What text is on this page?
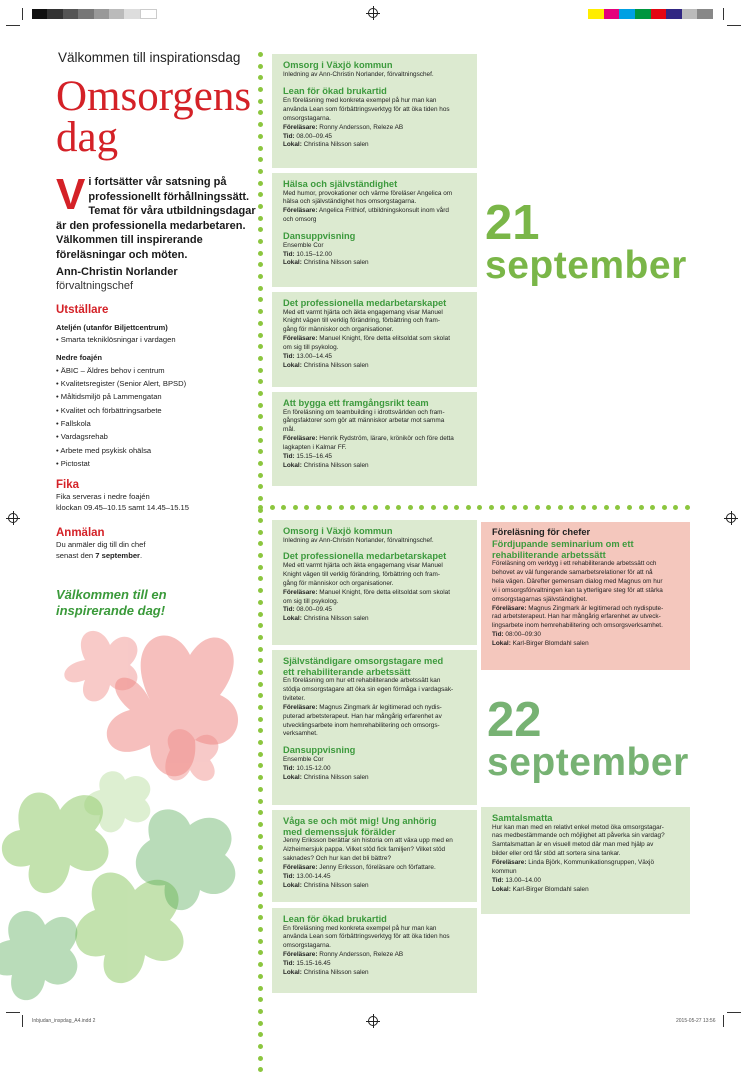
Välkommen till inspirationsdag
Omsorgens
dag
Vi fortsätter vår satsning på professionellt förhållningssätt. Temat för våra utbildningsdagar är den professionella medarbetaren. Välkommen till inspirerande föreläsningar och möten.
Ann-Christin Norlander
förvaltningschef
Utställare
Ateljén (utanför Biljettcentrum)
• Smarta tekniklösningar i vardagen
Nedre foajén
• ÄBIC – Äldres behov i centrum
• Kvalitetsregister (Senior Alert, BPSD)
• Måltidsmiljö på Lammengatan
• Kvalitet och förbättringsarbete
• Fallskola
• Vardagsrehab
• Arbete med psykisk ohälsa
• Pictostat
Fika
Fika serveras i nedre foajén
klockan 09.45–10.15 samt 14.45–15.15
Anmälan
Du anmäler dig till din chef
senast den 7 september.
Välkommen till en
inspirerande dag!
Omsorg i Växjö kommun

Inledning av Ann-Christin Norlander, förvaltningschef.

Lean för ökad brukartid

En föreläsning med konkreta exempel på hur man kan

använda Lean som förbättringsverktyg för att öka tiden hos

omsorgstagarna.

Föreläsare: Ronny Andersson, Releze AB

Tid: 08.00–09.45

Lokal: Christina Nilsson salen

Hälsa och självständighet

Med humor, provokationer och värme föreläser Angelica om

hälsa och självständighet hos omsorgstagarna.

Föreläsare: Angelica Frithiof, utbildningskonsult inom vård

och omsorg

Dansuppvisning

Ensemble Cor

Tid: 10.15–12.00

Lokal: Christina Nilsson salen

Det professionella medarbetarskapet

Med ett varmt hjärta och äkta engagemang visar Manuel

Knight vägen till verklig förändring, förbättring och fram-

gång för människor och organisationer.

Föreläsare: Manuel Knight, före detta elitsoldat som skolat

om sig till psykolog.

Tid: 13.00–14.45

Lokal: Christina Nilsson salen

Att bygga ett framgångsrikt team

En föreläsning om teambuilding i idrottsvärlden och fram-

gångsfaktorer som gör att människor arbetar mot samma

mål.

Föreläsare: Henrik Rydström, lärare, krönikör och före detta

lagkapten i Kalmar FF.

Tid: 15.15–16.45

Lokal: Christina Nilsson salen

21
september
Omsorg i Växjö kommun

Inledning av Ann-Christin Norlander, förvaltningschef.

Det professionella medarbetarskapet

Med ett varmt hjärta och äkta engagemang visar Manuel

Knight vägen till verklig förändring, förbättring och fram-

gång för människor och organisationer.

Föreläsare: Manuel Knight, före detta elitsoldat som skolat

om sig till psykolog.

Tid: 08.00–09.45

Lokal: Christina Nilsson salen

Självständigare omsorgstagare med
ett rehabiliterande arbetssätt

En föreläsning om hur ett rehabiliterande arbetssätt kan

stödja omsorgstagare att öka sin egen förmåga i vardagsak-

tiviteter.

Föreläsare: Magnus Zingmark är legitimerad och nydis-

puterad arbetsterapeut. Han har mångårig erfarenhet av

utvecklingsarbete inom hemrehabilitering och omsorgs-

verksamhet.

Dansuppvisning

Ensemble Cor

Tid: 10.15-12.00

Lokal: Christina Nilsson salen

Våga se och möt mig! Ung anhörig
med demenssjuk förälder

Jenny Eriksson berättar sin historia om att växa upp med en

Alzheimersjuk pappa. Vilket stöd fick familjen? Vilket stöd

saknades? Och hur kan det bli bättre?

Föreläsare: Jenny Eriksson, föreläsare och författare.

Tid: 13.00-14.45

Lokal: Christina Nilsson salen

Lean för ökad brukartid

En föreläsning med konkreta exempel på hur man kan

använda Lean som förbättringsverktyg för att öka tiden hos

omsorgstagarna.

Föreläsare: Ronny Andersson, Releze AB

Tid: 15.15-16.45

Lokal: Christina Nilsson salen

Föreläsning för chefer
Fördjupande seminarium om ett
rehabiliterande arbetssätt

Föreläsning om verktyg i ett rehabiliterande arbetssätt och

behovet av väl fungerande samarbetsrelationer för att nå

hela vägen. Därefter gemensam dialog med Magnus om hur

vi i omsorgsförvaltningen kan ta ytterligare steg för att stärka

omsorgstagarnas självständighet.

Föreläsare: Magnus Zingmark är legitimerad och nydispute-

rad arbetsterapeut. Han har mångårig erfarenhet av utveck-

lingsarbete inom hemrehabilitering och omsorgsverksamhet.

Tid: 08:00–09:30

Lokal: Karl-Birger Blomdahl salen

22
september
Samtalsmatta

Hur kan man med en relativt enkel metod öka omsorgstagar-

nas medbestämmande och möjlighet att påverka sin vardag?

Samtalsmattan är en visuell metod där man med hjälp av

bilder eller ord får stöd att sortera sina tankar.

Föreläsare: Linda Björk, Kommunikationsgruppen, Växjö

kommun

Tid: 13.00–14.00

Lokal: Karl-Birger Blomdahl salen

Inbjudan_inspdag_A4.indd 2	2015-05-27 13:56
